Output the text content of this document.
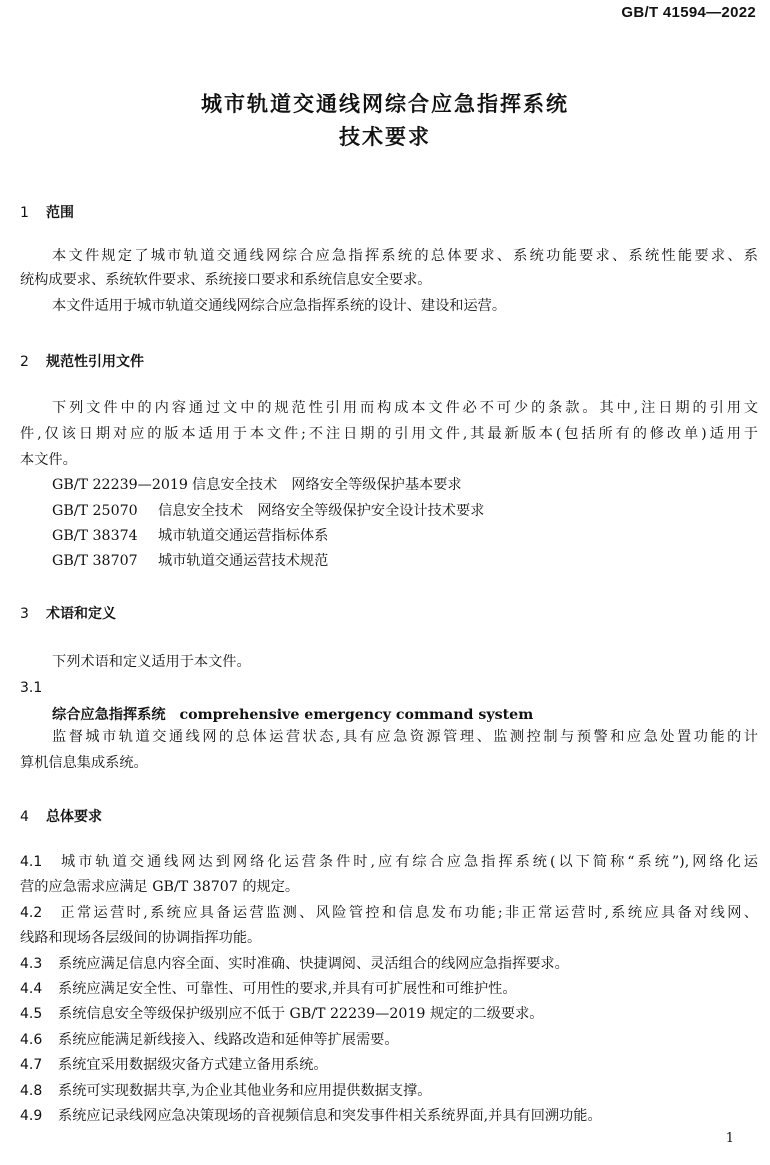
GB/T 41594—2022
城市轨道交通线网综合应急指挥系统
技术要求
1 范围
本文件规定了城市轨道交通线网综合应急指挥系统的总体要求、系统功能要求、系统性能要求、系
统构成要求、系统软件要求、系统接口要求和系统信息安全要求。
本文件适用于城市轨道交通线网综合应急指挥系统的设计、建设和运营。
2 规范性引用文件
下列文件中的内容通过文中的规范性引用而构成本文件必不可少的条款。其中,注日期的引用文
件,仅该日期对应的版本适用于本文件;不注日期的引用文件,其最新版本(包括所有的修改单)适用于
本文件。
GB/T 22239—2019 信息安全技术　网络安全等级保护基本要求
GB/T 25070 信息安全技术　网络安全等级保护安全设计技术要求
GB/T 38374 城市轨道交通运营指标体系
GB/T 38707 城市轨道交通运营技术规范
3 术语和定义
下列术语和定义适用于本文件。
3.1
综合应急指挥系统 comprehensive emergency command system
监督城市轨道交通线网的总体运营状态,具有应急资源管理、监测控制与预警和应急处置功能的计
算机信息集成系统。
4 总体要求
4.1 城市轨道交通线网达到网络化运营条件时,应有综合应急指挥系统(以下简称“系统”),网络化运
营的应急需求应满足 GB/T 38707 的规定。
4.2 正常运营时,系统应具备运营监测、风险管控和信息发布功能;非正常运营时,系统应具备对线网、
线路和现场各层级间的协调指挥功能。
4.3 系统应满足信息内容全面、实时准确、快捷调阅、灵活组合的线网应急指挥要求。
4.4 系统应满足安全性、可靠性、可用性的要求,并具有可扩展性和可维护性。
4.5 系统信息安全等级保护级别应不低于 GB/T 22239—2019 规定的二级要求。
4.6 系统应能满足新线接入、线路改造和延伸等扩展需要。
4.7 系统宜采用数据级灾备方式建立备用系统。
4.8 系统可实现数据共享,为企业其他业务和应用提供数据支撑。
4.9 系统应记录线网应急决策现场的音视频信息和突发事件相关系统界面,并具有回溯功能。
1
